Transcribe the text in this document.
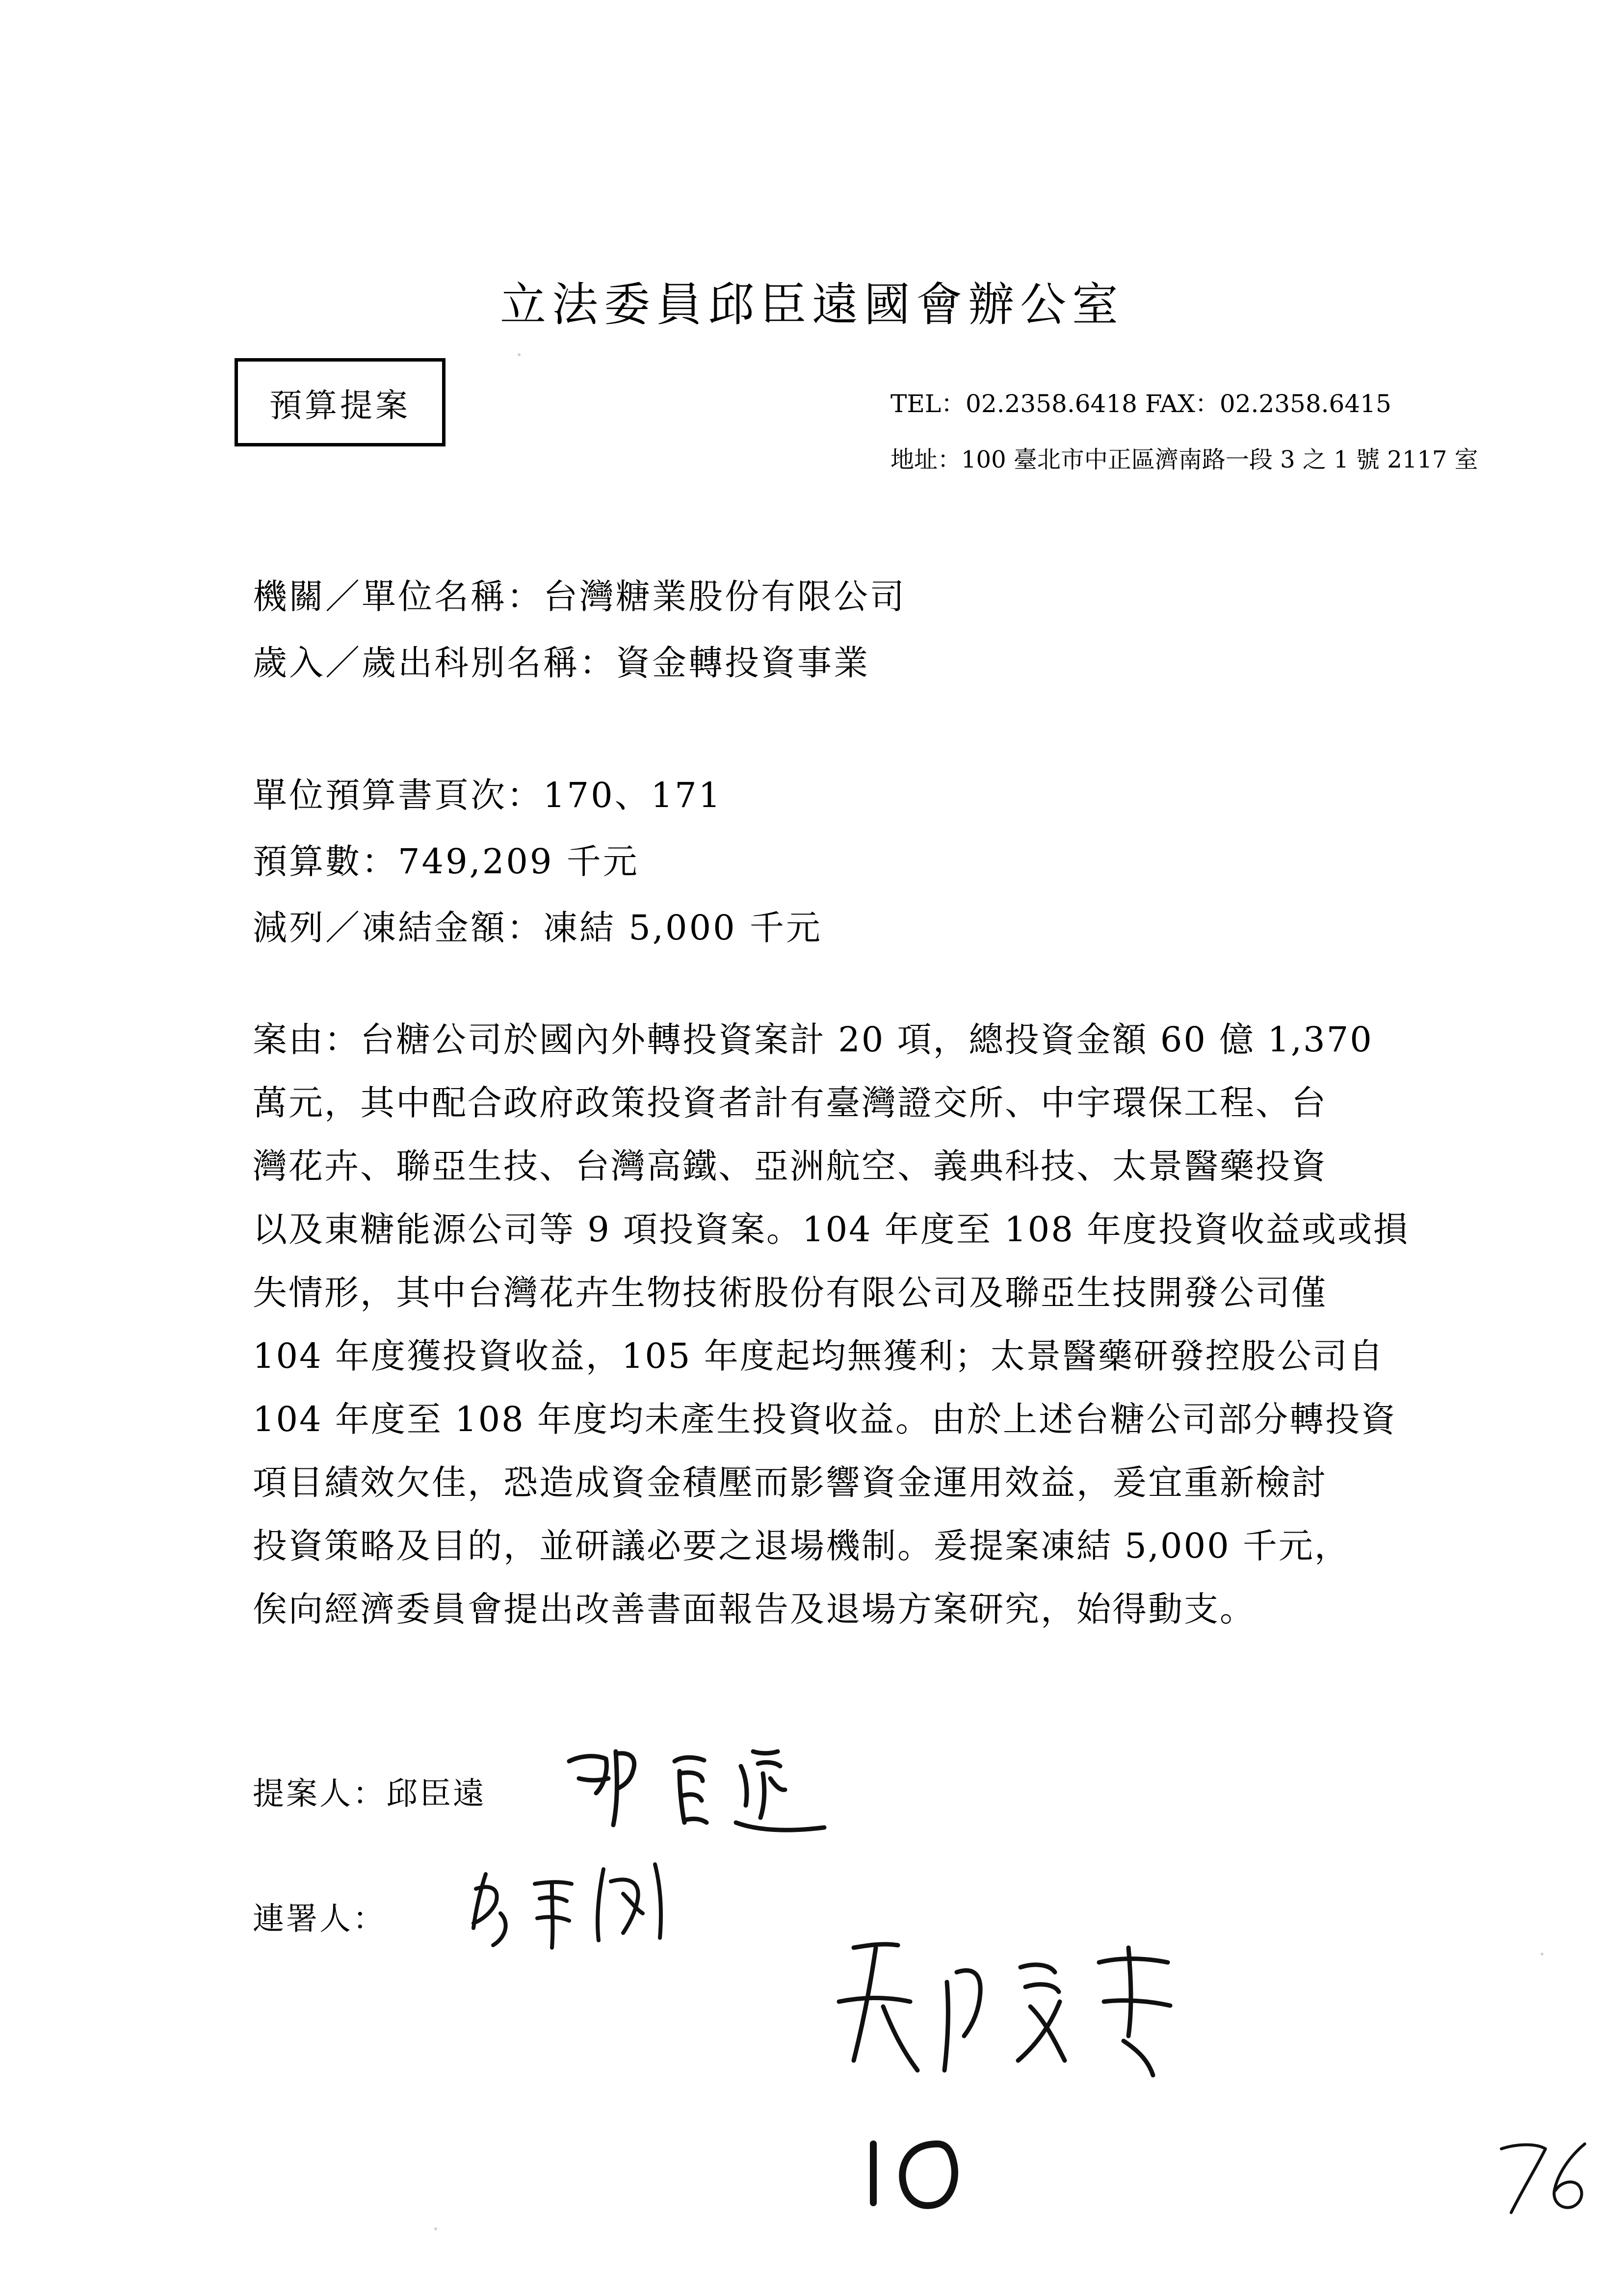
立法委員邱臣遠國會辦公室
預算提案	TEL：02.2358.6418 FAX：02.2358.6415
地址：100 臺北市中正區濟南路一段 3 之 1 號 2117 室
機關／單位名稱：台灣糖業股份有限公司
歲入／歲出科別名稱：資金轉投資事業
單位預算書頁次：170、171
預算數：749,209 千元
減列／凍結金額：凍結 5,000 千元
案由：台糖公司於國內外轉投資案計 20 項，總投資金額 60 億 1,370
萬元，其中配合政府政策投資者計有臺灣證交所、中宇環保工程、台
灣花卉、聯亞生技、台灣高鐵、亞洲航空、義典科技、太景醫藥投資
以及東糖能源公司等 9 項投資案。104 年度至 108 年度投資收益或或損
失情形，其中台灣花卉生物技術股份有限公司及聯亞生技開發公司僅
104 年度獲投資收益，105 年度起均無獲利；太景醫藥研發控股公司自
104 年度至 108 年度均未產生投資收益。由於上述台糖公司部分轉投資
項目績效欠佳，恐造成資金積壓而影響資金運用效益，爰宜重新檢討
投資策略及目的，並研議必要之退場機制。爰提案凍結 5,000 千元，
俟向經濟委員會提出改善書面報告及退場方案研究，始得動支。
提案人：邱臣遠
連署人：
